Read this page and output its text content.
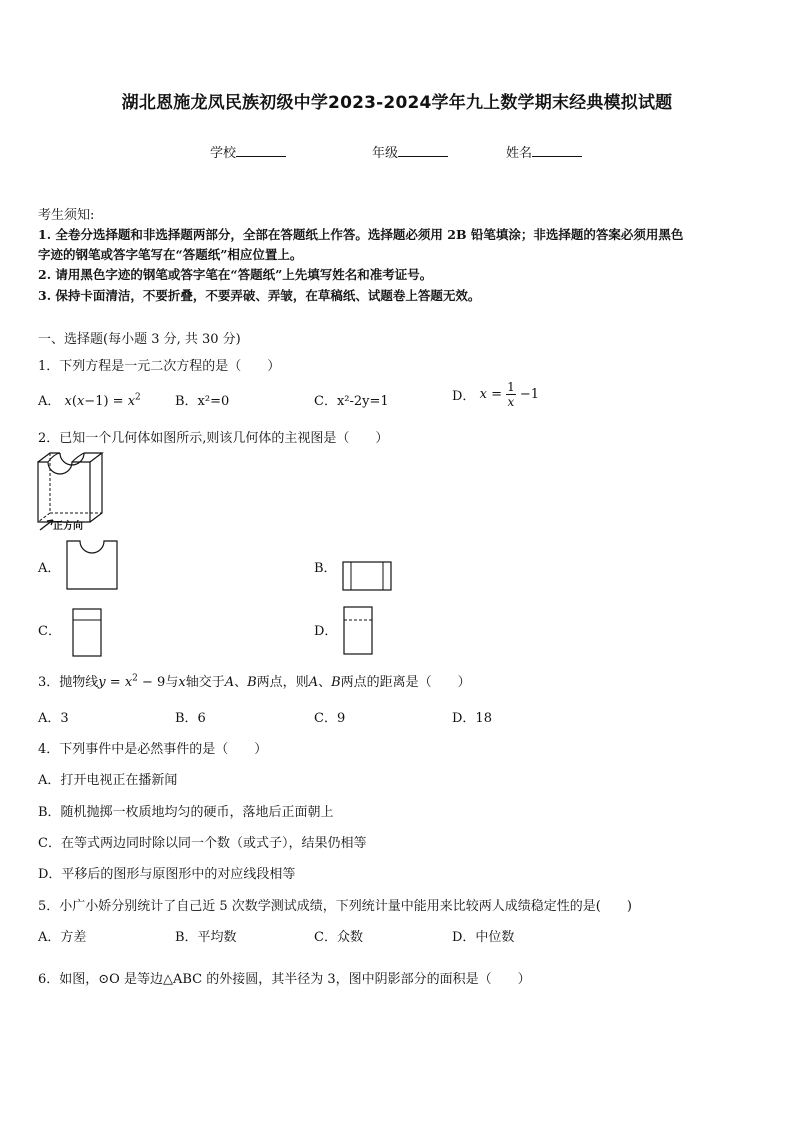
湖北恩施龙凤民族初级中学2023-2024学年九上数学期末经典模拟试题
学校	年级	姓名
考生须知:
1. 全卷分选择题和非选择题两部分，全部在答题纸上作答。选择题必须用 2B 铅笔填涂；非选择题的答案必须用黑色
字迹的钢笔或答字笔写在“答题纸”相应位置上。
2. 请用黑色字迹的钢笔或答字笔在“答题纸”上先填写姓名和准考证号。
3. 保持卡面清洁，不要折叠，不要弄破、弄皱，在草稿纸、试题卷上答题无效。
一、选择题(每小题 3 分, 共 30 分)
1．下列方程是一元二次方程的是（　　）
A． $x(x-1) = x^2$	B．x²=0	C．x²-2y=1	D． $x = \frac{1}{x} -1$
2．已知一个几何体如图所示,则该几何体的主视图是（　　）
正方向
A．	B．
C．	D．
3．抛物线$y = x^2 - 9$与x轴交于A、B两点，则A、B两点的距离是（　　）
A．3	B．6	C．9	D．18
4．下列事件中是必然事件的是（　　）
A．打开电视正在播新闻
B．随机抛掷一枚质地均匀的硬币，落地后正面朝上
C．在等式两边同时除以同一个数（或式子），结果仍相等
D．平移后的图形与原图形中的对应线段相等
5．小广小娇分别统计了自己近 5 次数学测试成绩，下列统计量中能用来比较两人成绩稳定性的是(　　)
A．方差	B．平均数	C．众数	D．中位数
6．如图，⊙O 是等边△ABC 的外接圆，其半径为 3，图中阴影部分的面积是（　　）
